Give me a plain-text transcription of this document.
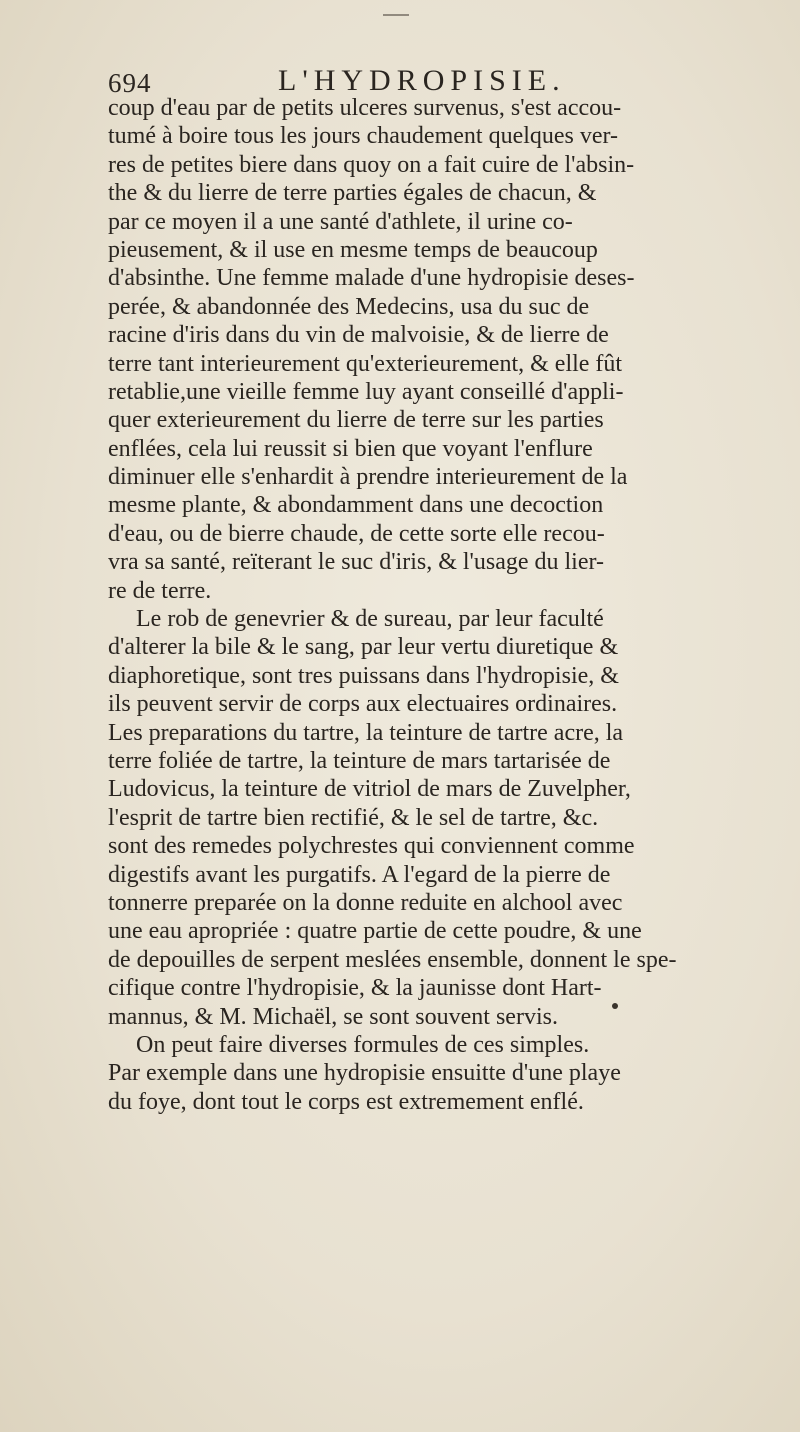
694	L'HYDROPISIE.
coup d'eau par de petits ulceres survenus, s'est accou-
tumé à boire tous les jours chaudement quelques ver-
res de petites biere dans quoy on a fait cuire de l'absin-
the & du lierre de terre parties égales de chacun, &
par ce moyen il a une santé d'athlete, il urine co-
pieusement, & il use en mesme temps de beaucoup
d'absinthe. Une femme malade d'une hydropisie deses-
perée, & abandonnée des Medecins, usa du suc de
racine d'iris dans du vin de malvoisie, & de lierre de
terre tant interieurement qu'exterieurement, & elle fût
retablie,une vieille femme luy ayant conseillé d'appli-
quer exterieurement du lierre de terre sur les parties
enflées, cela lui reussit si bien que voyant l'enflure
diminuer elle s'enhardit à prendre interieurement de la
mesme plante, & abondamment dans une decoction
d'eau, ou de bierre chaude, de cette sorte elle recou-
vra sa santé, reïterant le suc d'iris, & l'usage du lier-
re de terre.
Le rob de genevrier & de sureau, par leur faculté
d'alterer la bile & le sang, par leur vertu diuretique &
diaphoretique, sont tres puissans dans l'hydropisie, &
ils peuvent servir de corps aux electuaires ordinaires.
Les preparations du tartre, la teinture de tartre acre, la
terre foliée de tartre, la teinture de mars tartarisée de
Ludovicus, la teinture de vitriol de mars de Zuvelpher,
l'esprit de tartre bien rectifié, & le sel de tartre, &c.
sont des remedes polychrestes qui conviennent comme
digestifs avant les purgatifs. A l'egard de la pierre de
tonnerre preparée on la donne reduite en alchool avec
une eau apropriée : quatre partie de cette poudre, & une
de depouilles de serpent meslées ensemble, donnent le spe-
cifique contre l'hydropisie, & la jaunisse dont Hart-
mannus, & M. Michaël, se sont souvent servis.
On peut faire diverses formules de ces simples.
Par exemple dans une hydropisie ensuitte d'une playe
du foye, dont tout le corps est extremement enflé.
